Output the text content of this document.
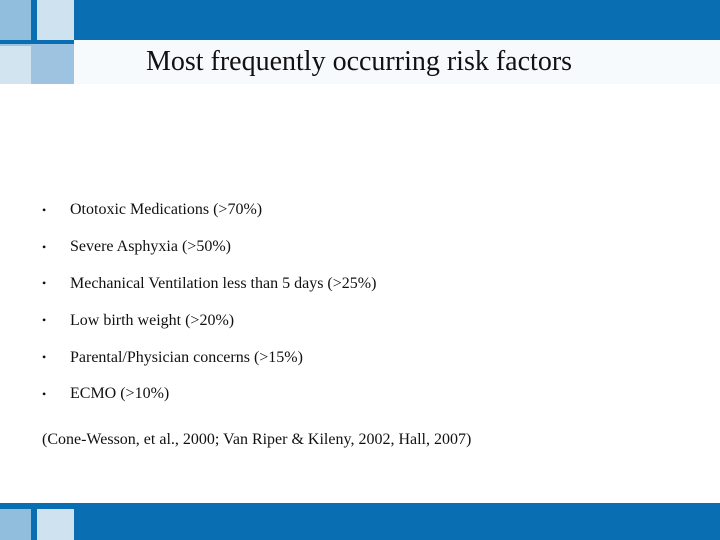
Most frequently occurring risk factors
•	Ototoxic Medications (>70%)
•	Severe Asphyxia (>50%)
•	Mechanical Ventilation less than 5 days (>25%)
•	Low birth weight (>20%)
•	Parental/Physician concerns (>15%)
•	ECMO (>10%)
(Cone-Wesson, et al., 2000; Van Riper & Kileny, 2002, Hall, 2007)
